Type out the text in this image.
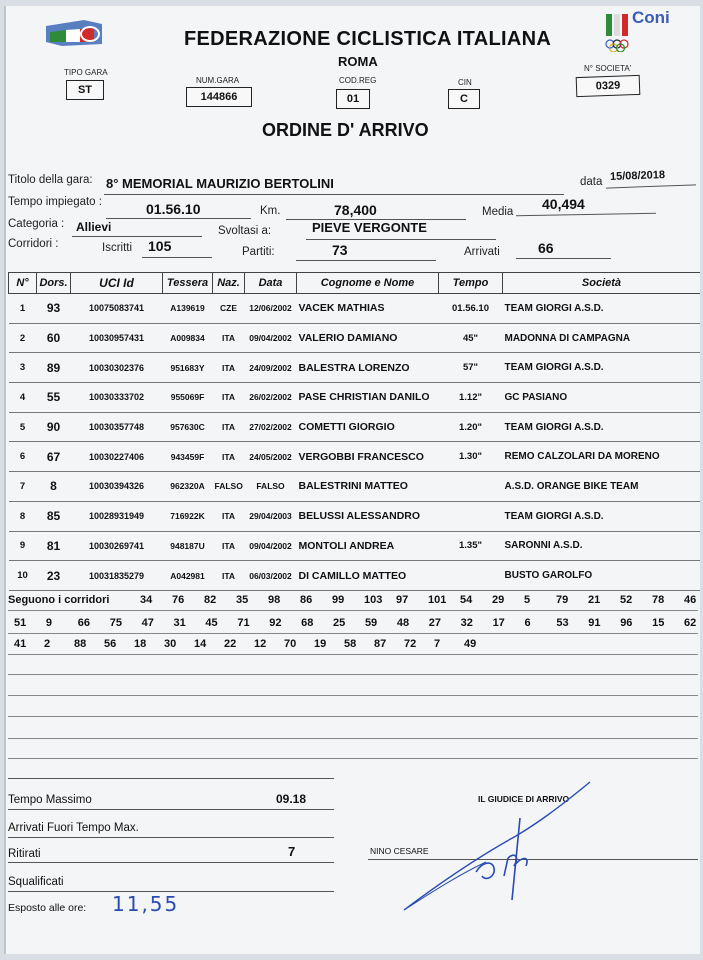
Coni
FEDERAZIONE CICLISTICA ITALIANA
ROMA
TIPO GARA
ST
NUM.GARA
144866
COD.REG
01
CIN
C
N° SOCIETA'
0329
ORDINE D' ARRIVO
Titolo della gara: 8° MEMORIAL MAURIZIO BERTOLINI	data 15/08/2018
Tempo impiegato :	01.56.10	Km.	78,400	Media 40,494
Categoria : Allievi	Svoltasi a:	PIEVE VERGONTE
Corridori :	Iscritti 105	Partiti:	73	Arrivati	66
N°	Dors.	UCI Id	Tessera	Naz.	Data	Cognome e Nome	Tempo	Società
1	93	10075083741	A139619	CZE	12/06/2002	VACEK MATHIAS	01.56.10	TEAM GIORGI A.S.D.
2	60	10030957431	A009834	ITA	09/04/2002	VALERIO DAMIANO	45"	MADONNA DI CAMPAGNA
3	89	10030302376	951683Y	ITA	24/09/2002	BALESTRA LORENZO	57"	TEAM GIORGI A.S.D.
4	55	10030333702	955069F	ITA	26/02/2002	PASE CHRISTIAN DANILO	1.12"	GC PASIANO
5	90	10030357748	957630C	ITA	27/02/2002	COMETTI GIORGIO	1.20"	TEAM GIORGI A.S.D.
6	67	10030227406	943459F	ITA	24/05/2002	VERGOBBI FRANCESCO	1.30"	REMO CALZOLARI DA MORENO
7	8	10030394326	962320A	FALSO	FALSO	BALESTRINI MATTEO		A.S.D. ORANGE BIKE TEAM
8	85	10028931949	716922K	ITA	29/04/2003	BELUSSI ALESSANDRO		TEAM GIORGI A.S.D.
9	81	10030269741	948187U	ITA	09/04/2002	MONTOLI ANDREA	1.35"	SARONNI A.S.D.
10	23	10031835279	A042981	ITA	06/03/2002	DI CAMILLO MATTEO		BUSTO GAROLFO
Seguono i corridori	34 76 82 35 98 86 99 103 97 101 54 29 5 79 21 52 78 46
51 9 66 75 47 31 45 71 92 68 25 59 48 27 32 17 6 53 91 96 15 62
41 2 88 56 18 30 14 22 12 70 19 58 87 72 7 49
Tempo Massimo	09.18
Arrivati Fuori Tempo Max.
Ritirati	7
Squalificati
Esposto alle ore: 11,55
IL GIUDICE DI ARRIVO
NINO CESARE
